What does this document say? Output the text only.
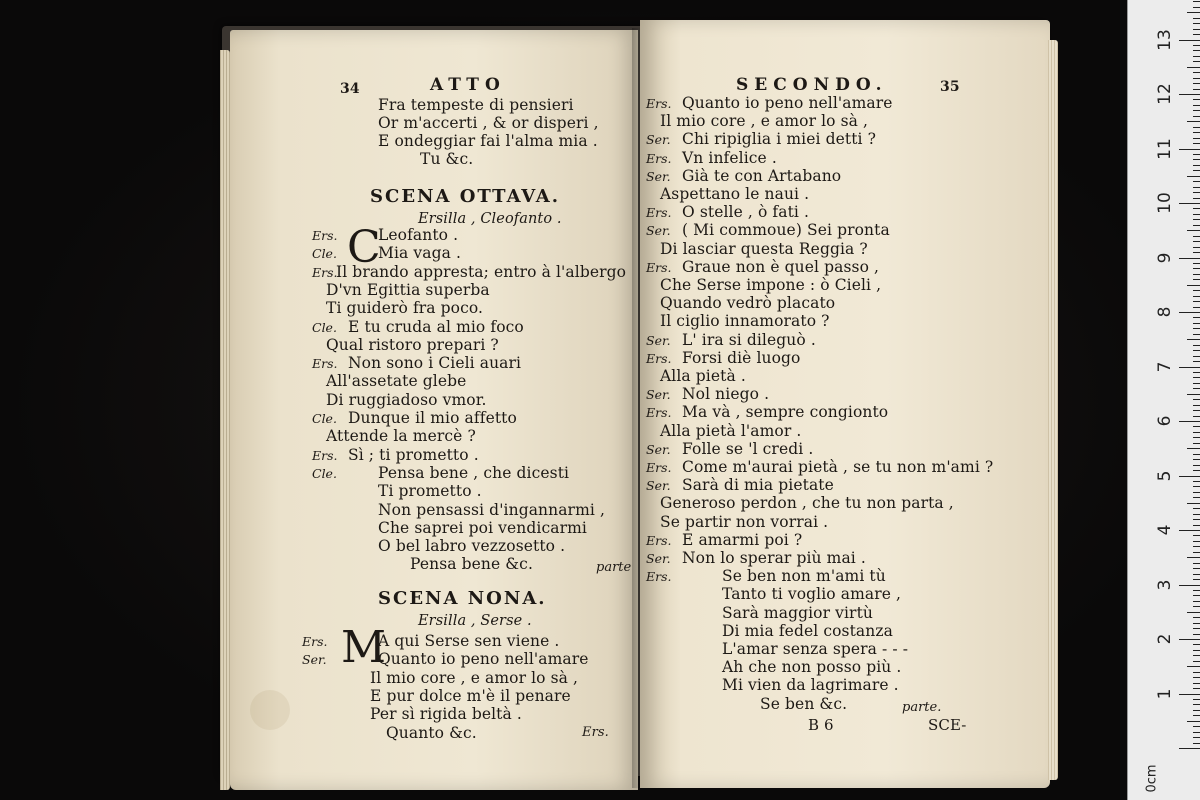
34	ATTO
Fra tempeste di pensieri
Or m'accerti , & or disperi ,
E ondeggiar fai l'alma mia .
Tu &c.
SCENA OTTAVA.
Ersilla , Cleofanto .
C
Ers.	Leofanto .
Cle.	Mia vaga .
Ers.
Il brando appresta; entro à l'albergo
D'vn Egittia superba
Ti guiderò fra poco.
Cle. E tu cruda al mio foco
Qual ristoro prepari ?
Ers. Non sono i Cieli auari
All'assetate glebe
Di ruggiadoso vmor.
Cle. Dunque il mio affetto
Attende la mercè ?
Ers. Sì ; ti prometto .
Cle.	Pensa bene , che dicesti
Ti prometto .
Non pensassi d'ingannarmi ,
Che saprei poi vendicarmi
O bel labro vezzosetto .
Pensa bene &c.	parte
SCENA NONA.
Ersilla , Serse .
M
Ers.	A qui Serse sen viene .
Ser.	Quanto io peno nell'amare
Il mio core , e amor lo sà ,
E pur dolce m'è il penare
Per sì rigida beltà .
Quanto &c.	Ers.
SECONDO.	35
Ers. Quanto io peno nell'amare
Il mio core , e amor lo sà ,
Ser. Chi ripiglia i miei detti ?
Ers. Vn infelice .
Ser. Già te con Artabano
Aspettano le naui .
Ers. O stelle , ò fati .
Ser. ( Mi commoue) Sei pronta
Di lasciar questa Reggia ?
Ers. Graue non è quel passo ,
Che Serse impone : ò Cieli ,
Quando vedrò placato
Il ciglio innamorato ?
Ser. L' ira si dileguò .
Ers. Forsi diè luogo
Alla pietà .
Ser. Nol niego .
Ers. Ma và , sempre congionto
Alla pietà l'amor .
Ser. Folle se 'l credi .
Ers. Come m'aurai pietà , se tu non m'ami ?
Ser. Sarà di mia pietate
Generoso perdon , che tu non parta ,
Se partir non vorrai .
Ers. E amarmi poi ?
Ser. Non lo sperar più mai .
Ers.	Se ben non m'ami tù
Tanto ti voglio amare ,
Sarà maggior virtù
Di mia fedel costanza
L'amar senza spera - - -
Ah che non posso più .
Mi vien da lagrimare .
Se ben &c.	parte.
B 6	SCE-
13
12
11
10
9
8
7
6
5
4
3
2
1
0cm
